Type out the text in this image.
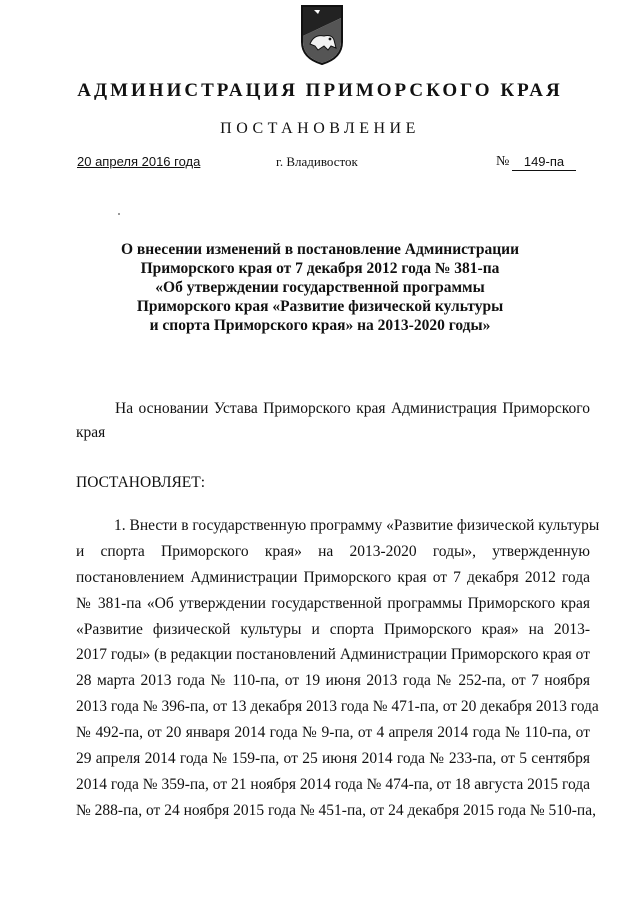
АДМИНИСТРАЦИЯ ПРИМОРСКОГО КРАЯ
ПОСТАНОВЛЕНИЕ
20 апреля 2016 года	г. Владивосток	№	149-па
О внесении изменений в постановление Администрации
Приморского края от 7 декабря 2012 года № 381-па
«Об утверждении государственной программы
Приморского края «Развитие физической культуры
и спорта Приморского края» на 2013-2020 годы»
На основании Устава Приморского края Администрация Приморского края
ПОСТАНОВЛЯЕТ:
1. Внести в государственную программу «Развитие физической культуры
и спорта Приморского края» на 2013-2020 годы», утвержденную
постановлением Администрации Приморского края от 7 декабря 2012 года
№ 381-па «Об утверждении государственной программы Приморского края
«Развитие физической культуры и спорта Приморского края» на 2013-
2017 годы» (в редакции постановлений Администрации Приморского края от
28 марта 2013 года № 110-па, от 19 июня 2013 года № 252-па, от 7 ноября
2013 года № 396-па, от 13 декабря 2013 года № 471-па, от 20 декабря 2013 года
№ 492-па, от 20 января 2014 года № 9-па, от 4 апреля 2014 года № 110-па, от
29 апреля 2014 года № 159-па, от 25 июня 2014 года № 233-па, от 5 сентября
2014 года № 359-па, от 21 ноября 2014 года № 474-па, от 18 августа 2015 года
№ 288-па, от 24 ноября 2015 года № 451-па, от 24 декабря 2015 года № 510-па,
